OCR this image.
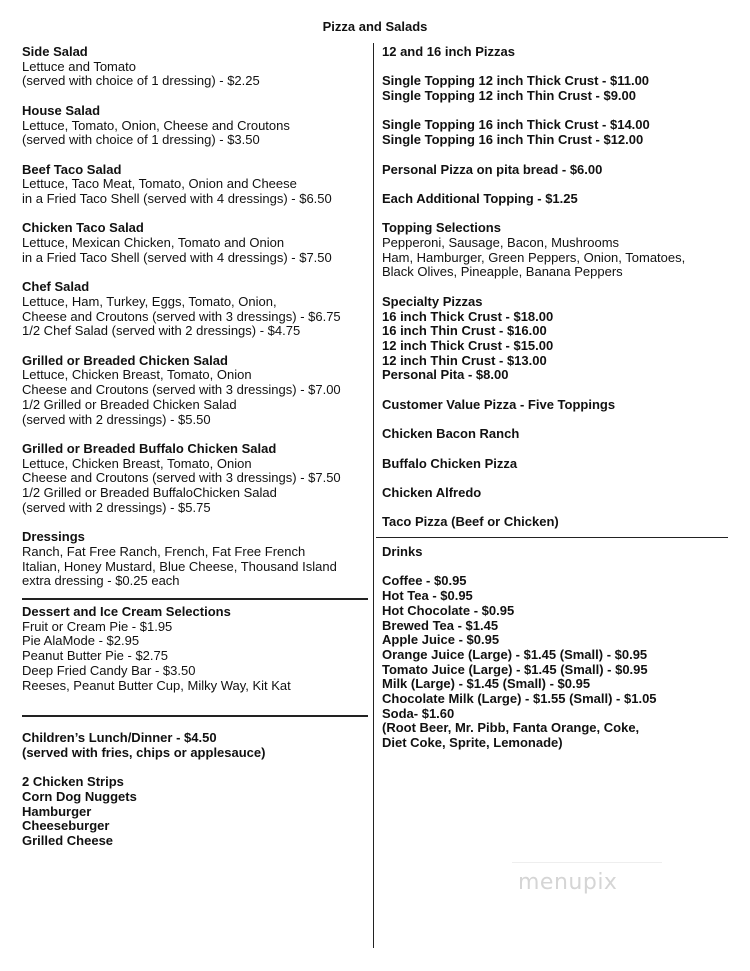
Pizza and Salads
Side Salad
Lettuce and Tomato
(served with choice of 1 dressing) - $2.25
House Salad
Lettuce, Tomato, Onion, Cheese and Croutons
(served with choice of 1 dressing) - $3.50
Beef Taco Salad
Lettuce, Taco Meat, Tomato, Onion and Cheese
in a Fried Taco Shell (served with 4 dressings) - $6.50
Chicken Taco Salad
Lettuce, Mexican Chicken, Tomato and Onion
in a Fried Taco Shell (served with 4 dressings) - $7.50
Chef Salad
Lettuce, Ham, Turkey, Eggs, Tomato, Onion,
Cheese and Croutons (served with 3 dressings) - $6.75
1/2 Chef Salad (served with 2 dressings) - $4.75
Grilled or Breaded Chicken Salad
Lettuce, Chicken Breast, Tomato, Onion
Cheese and Croutons (served with 3 dressings) - $7.00
1/2 Grilled or Breaded Chicken Salad
(served with 2 dressings) - $5.50
Grilled or Breaded Buffalo Chicken Salad
Lettuce, Chicken Breast, Tomato, Onion
Cheese and Croutons (served with 3 dressings) - $7.50
1/2 Grilled or Breaded BuffaloChicken Salad
(served with 2 dressings) - $5.75
Dressings
Ranch, Fat Free Ranch, French, Fat Free French
Italian, Honey Mustard, Blue Cheese, Thousand Island
extra dressing - $0.25 each
Dessert and Ice Cream Selections
Fruit or Cream Pie - $1.95
Pie AlaMode - $2.95
Peanut Butter Pie - $2.75
Deep Fried Candy Bar - $3.50
Reeses, Peanut Butter Cup, Milky Way, Kit Kat
Children’s Lunch/Dinner - $4.50
(served with fries, chips or applesauce)
2 Chicken Strips
Corn Dog Nuggets
Hamburger
Cheeseburger
Grilled Cheese
12 and 16 inch Pizzas
Single Topping 12 inch Thick Crust - $11.00
Single Topping 12 inch Thin Crust - $9.00
Single Topping 16 inch Thick Crust - $14.00
Single Topping 16 inch Thin Crust - $12.00
Personal Pizza on pita bread - $6.00
Each Additional Topping - $1.25
Topping Selections
Pepperoni, Sausage, Bacon, Mushrooms
Ham, Hamburger, Green Peppers, Onion, Tomatoes,
Black Olives, Pineapple, Banana Peppers
Specialty Pizzas
16 inch Thick Crust - $18.00
16 inch Thin Crust - $16.00
12 inch Thick Crust - $15.00
12 inch Thin Crust - $13.00
Personal Pita - $8.00
Customer Value Pizza - Five Toppings
Chicken Bacon Ranch
Buffalo Chicken Pizza
Chicken Alfredo
Taco Pizza (Beef or Chicken)
Drinks
Coffee - $0.95
Hot Tea - $0.95
Hot Chocolate - $0.95
Brewed Tea - $1.45
Apple Juice - $0.95
Orange Juice (Large) - $1.45 (Small) - $0.95
Tomato Juice (Large) - $1.45 (Small) - $0.95
Milk (Large) - $1.45 (Small) - $0.95
Chocolate Milk (Large) - $1.55 (Small) - $1.05
Soda- $1.60
(Root Beer, Mr. Pibb, Fanta Orange, Coke,
Diet Coke, Sprite, Lemonade)
menupix
